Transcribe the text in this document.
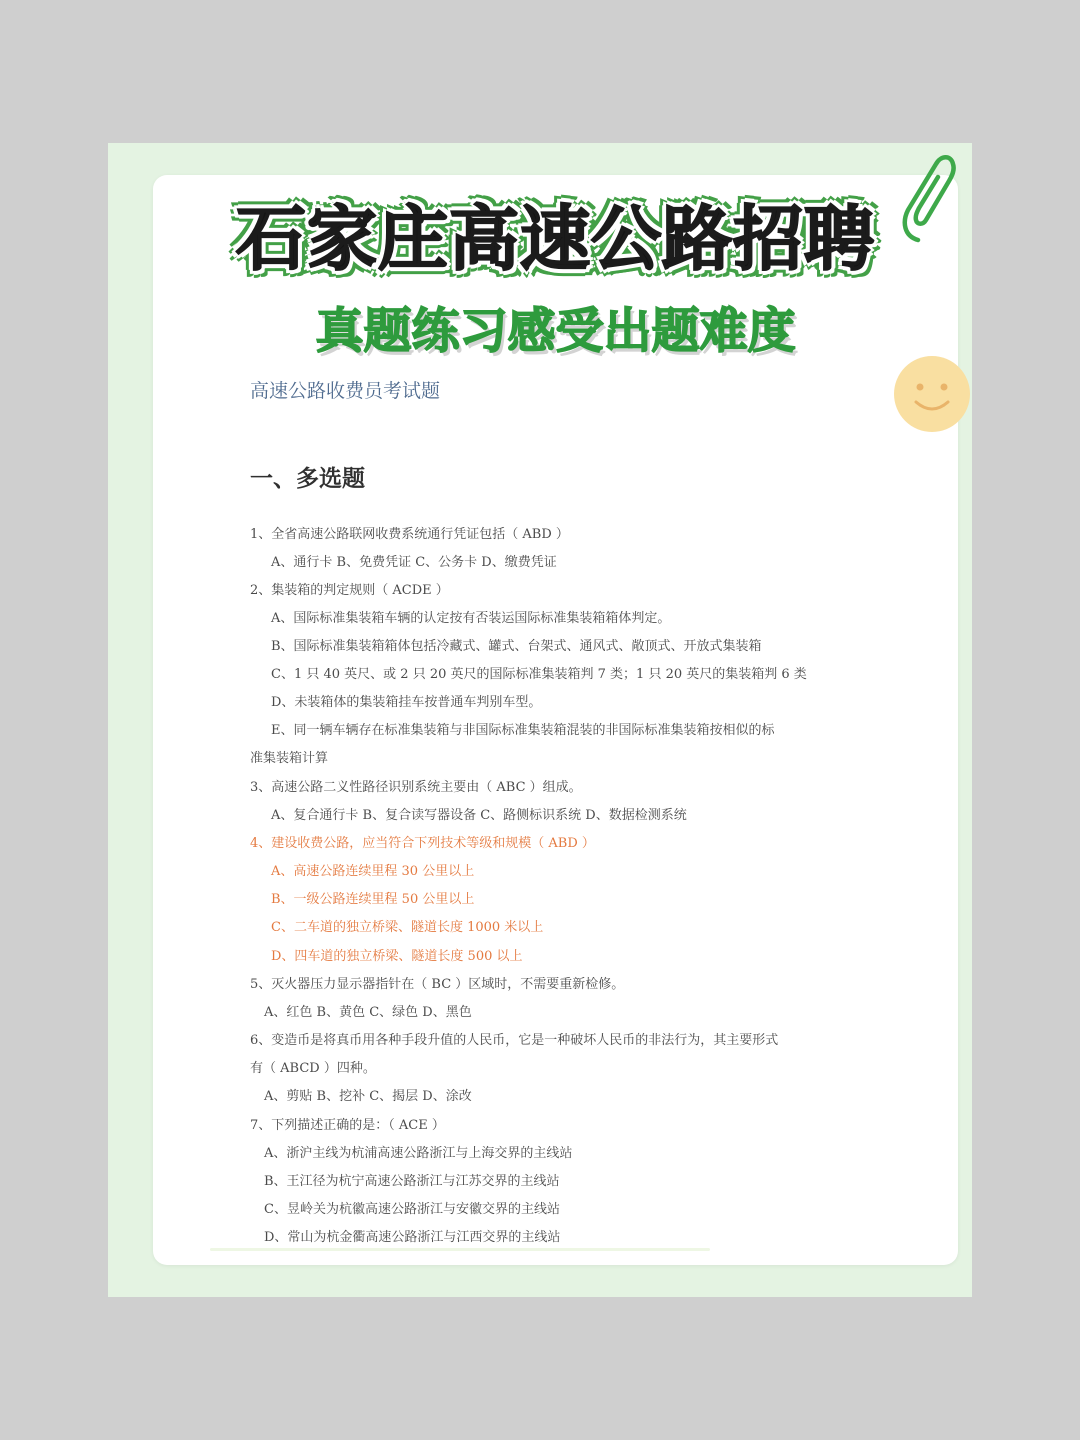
石家庄高速公路招聘
真题练习感受出题难度
高速公路收费员考试题
一、多选题
1、全省高速公路联网收费系统通行凭证包括（ ABD ）
A、通行卡 B、免费凭证 C、公务卡 D、缴费凭证
2、集装箱的判定规则（ ACDE ）
A、国际标准集装箱车辆的认定按有否装运国际标准集装箱箱体判定。
B、国际标准集装箱箱体包括冷藏式、罐式、台架式、通风式、敞顶式、开放式集装箱
C、1 只 40 英尺、或 2 只 20 英尺的国际标准集装箱判 7 类；1 只 20 英尺的集装箱判 6 类
D、未装箱体的集装箱挂车按普通车判别车型。
E、同一辆车辆存在标准集装箱与非国际标准集装箱混装的非国际标准集装箱按相似的标
准集装箱计算
3、高速公路二义性路径识别系统主要由（ ABC ）组成。
A、复合通行卡 B、复合读写器设备 C、路侧标识系统 D、数据检测系统
4、建设收费公路，应当符合下列技术等级和规模（ ABD ）
A、高速公路连续里程 30 公里以上
B、一级公路连续里程 50 公里以上
C、二车道的独立桥梁、隧道长度 1000 米以上
D、四车道的独立桥梁、隧道长度 500 以上
5、灭火器压力显示器指针在（ BC ）区域时，不需要重新检修。
A、红色 B、黄色 C、绿色 D、黑色
6、变造币是将真币用各种手段升值的人民币，它是一种破坏人民币的非法行为，其主要形式
有（ ABCD ）四种。
A、剪贴 B、挖补 C、揭层 D、涂改
7、下列描述正确的是：（ ACE ）
A、浙沪主线为杭浦高速公路浙江与上海交界的主线站
B、王江径为杭宁高速公路浙江与江苏交界的主线站
C、昱岭关为杭徽高速公路浙江与安徽交界的主线站
D、常山为杭金衢高速公路浙江与江西交界的主线站
